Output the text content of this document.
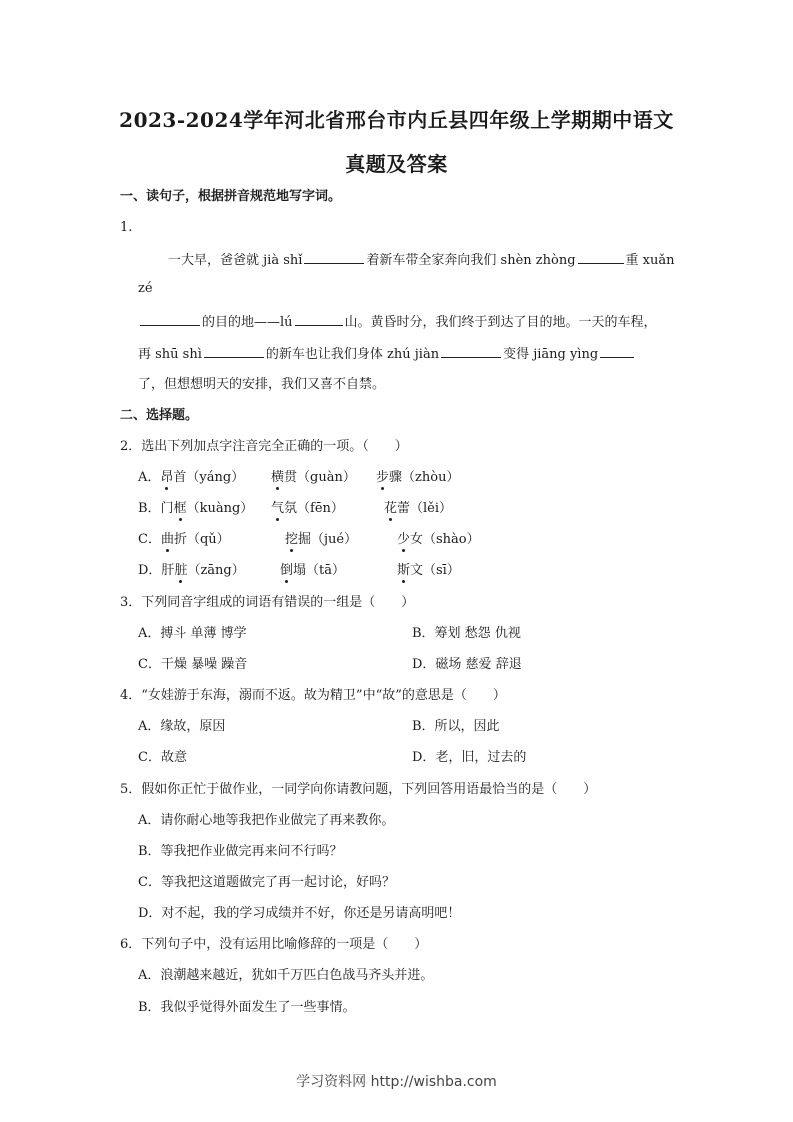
2023-2024学年河北省邢台市内丘县四年级上学期期中语文
真题及答案
一、读句子，根据拼音规范地写字词。
1.
一大早，爸爸就 jià shǐ	着新车带全家奔向我们 shèn zhòng	重 xuǎn
zé
的目的地——lú	山。黄昏时分，我们终于到达了目的地。一天的车程，
再 shū shì	的新车也让我们身体 zhú jiàn	变得 jiāng yìng
了，但想想明天的安排，我们又喜不自禁。
二、选择题。
2．选出下列加点字注音完全正确的一项。（　　）
A．昂首（yáng） 横贯（guàn） 步骤（zhòu）
B．门框（kuàng） 气氛（fēn）	花蕾（lěi）
C．曲折（qǔ）	挖掘（jué）	少女（shào）
D．肝脏（zāng）	倒塌（tā）	斯文（sī）
3．下列同音字组成的词语有错误的一组是（　　）
A．搏斗 单薄 博学	B．筹划 愁怨 仇视
C．干燥 暴噪 躁音	D．磁场 慈爱 辞退
4．“女娃游于东海，溺而不返。故为精卫”中“故”的意思是（　　）
A．缘故，原因	B．所以，因此
C．故意	D．老，旧，过去的
5．假如你正忙于做作业，一同学向你请教问题，下列回答用语最恰当的是（　　）
A．请你耐心地等我把作业做完了再来教你。
B．等我把作业做完再来问不行吗？
C．等我把这道题做完了再一起讨论，好吗？
D．对不起，我的学习成绩并不好，你还是另请高明吧！
6．下列句子中，没有运用比喻修辞的一项是（　　）
A．浪潮越来越近，犹如千万匹白色战马齐头并进。
B．我似乎觉得外面发生了一些事情。
学习资料网 http://wishba.com
